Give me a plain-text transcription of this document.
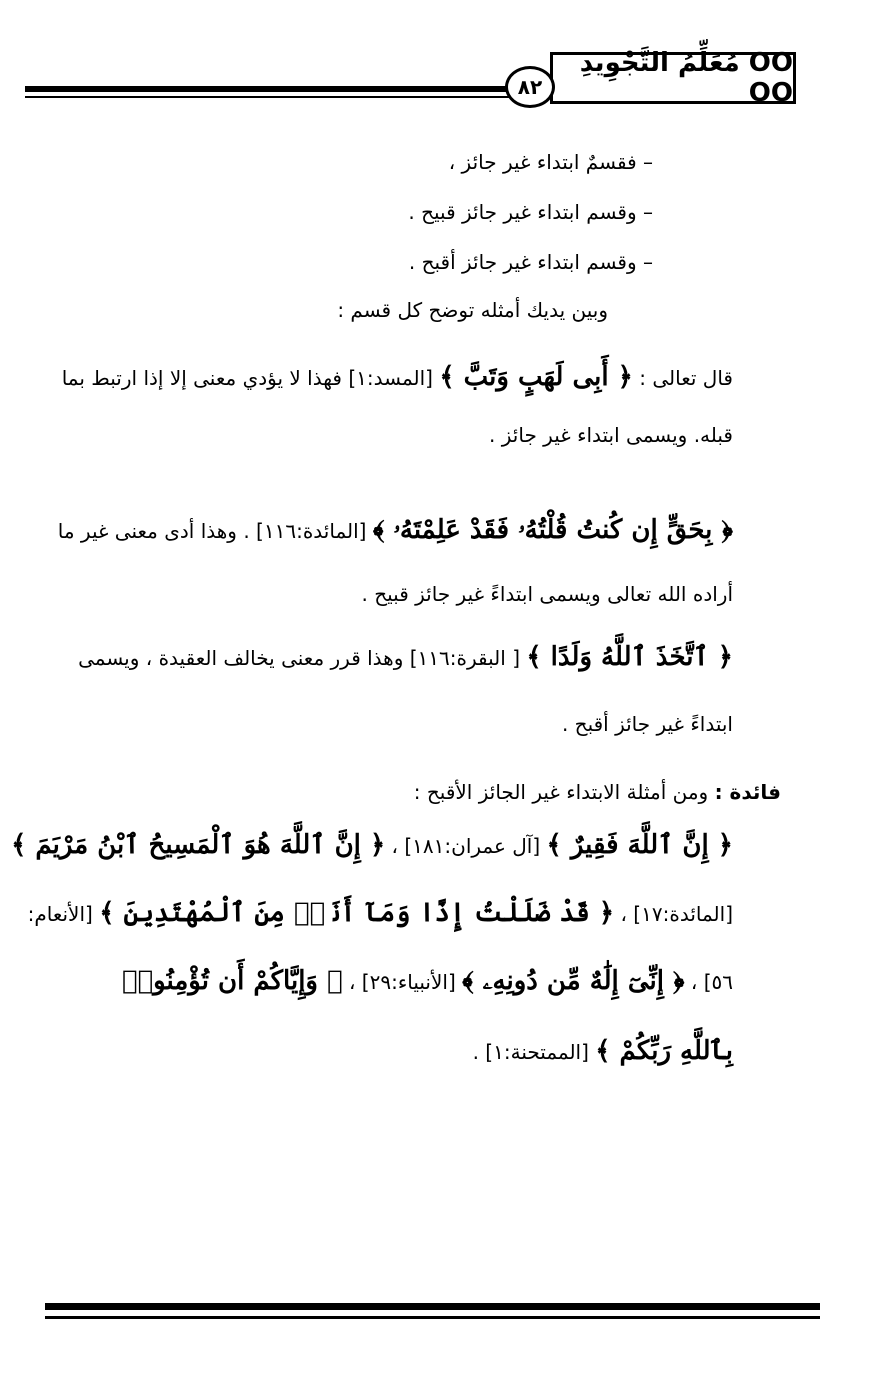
OO مُعَلِّمُ التَّجْوِيدِ OO
٨٢
– فقسمٌ ابتداء غير جائز ،
– وقسم ابتداء غير جائز قبيح .
– وقسم ابتداء غير جائز أقبح .
وبين يديك أمثله توضح كل قسم :
قال تعالى : ﴿ أَبِى لَهَبٍ وَتَبَّ ﴾ [المسد:١] فهذا لا يؤدي معنى إلا إذا ارتبط بما
قبله. ويسمى ابتداء غير جائز .
﴿ بِحَقٍّ إِن كُنتُ قُلْتُهُۥ فَقَدْ عَلِمْتَهُۥ ﴾ [المائدة:١١٦] . وهذا أدى معنى غير ما
أراده الله تعالى ويسمى ابتداءً غير جائز قبيح .
﴿ ٱتَّخَذَ ٱللَّهُ وَلَدًا ﴾ [ البقرة:١١٦] وهذا قرر معنى يخالف العقيدة ، ويسمى
ابتداءً غير جائز أقبح .
فائدة : ومن أمثلة الابتداء غير الجائز الأقبح :
﴿ إِنَّ ٱللَّهَ فَقِيرٌ ﴾ [آل عمران:١٨١] ، ﴿ إِنَّ ٱللَّهَ هُوَ ٱلْمَسِيحُ ٱبْنُ مَرْيَمَ ﴾
[المائدة:١٧] ، ﴿ قَدْ ضَلَلْتُ إِذًا وَمَآ أَنَا۠ مِنَ ٱلْمُهْتَدِينَ ﴾ [الأنعام:
٥٦] ، ﴿ إِنِّىٓ إِلَٰهٌ مِّن دُونِهِۦ ﴾ [الأنبياء:٢٩] ، ﴿ وَإِيَّاكُمْ أَن تُؤْمِنُوا۟
بِٱللَّهِ رَبِّكُمْ ﴾ [الممتحنة:١] .
